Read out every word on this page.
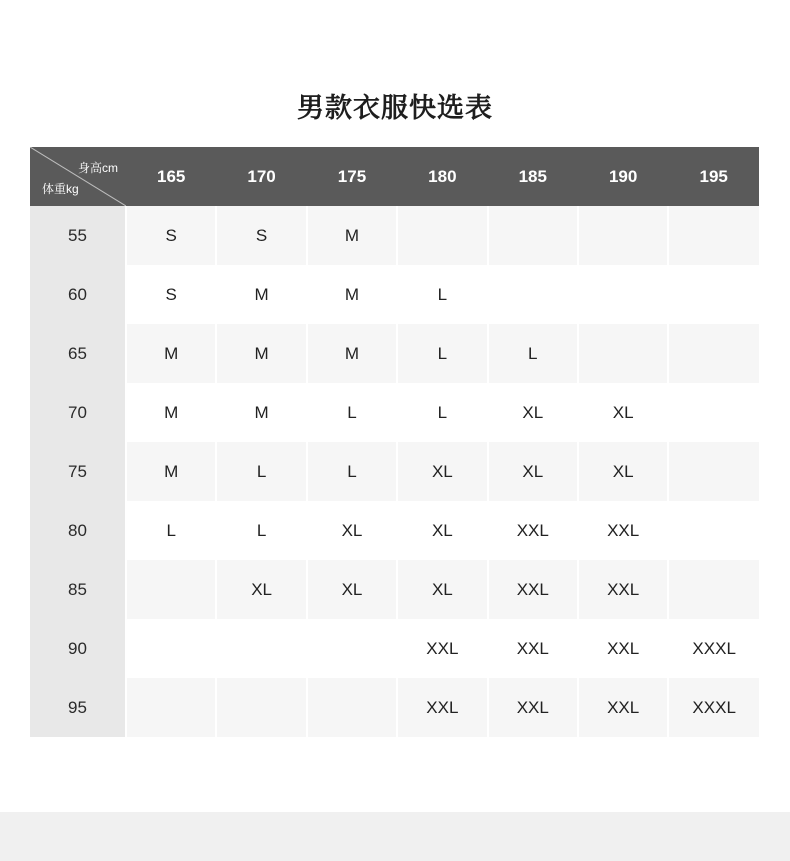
男款衣服快选表
身高cm
体重kg	165	170	175	180	185	190	195
55	S	S	M				
60	S	M	M	L			
65	M	M	M	L	L		
70	M	M	L	L	XL	XL	
75	M	L	L	XL	XL	XL	
80	L	L	XL	XL	XXL	XXL	
85		XL	XL	XL	XXL	XXL	
90				XXL	XXL	XXL	XXXL
95				XXL	XXL	XXL	XXXL
